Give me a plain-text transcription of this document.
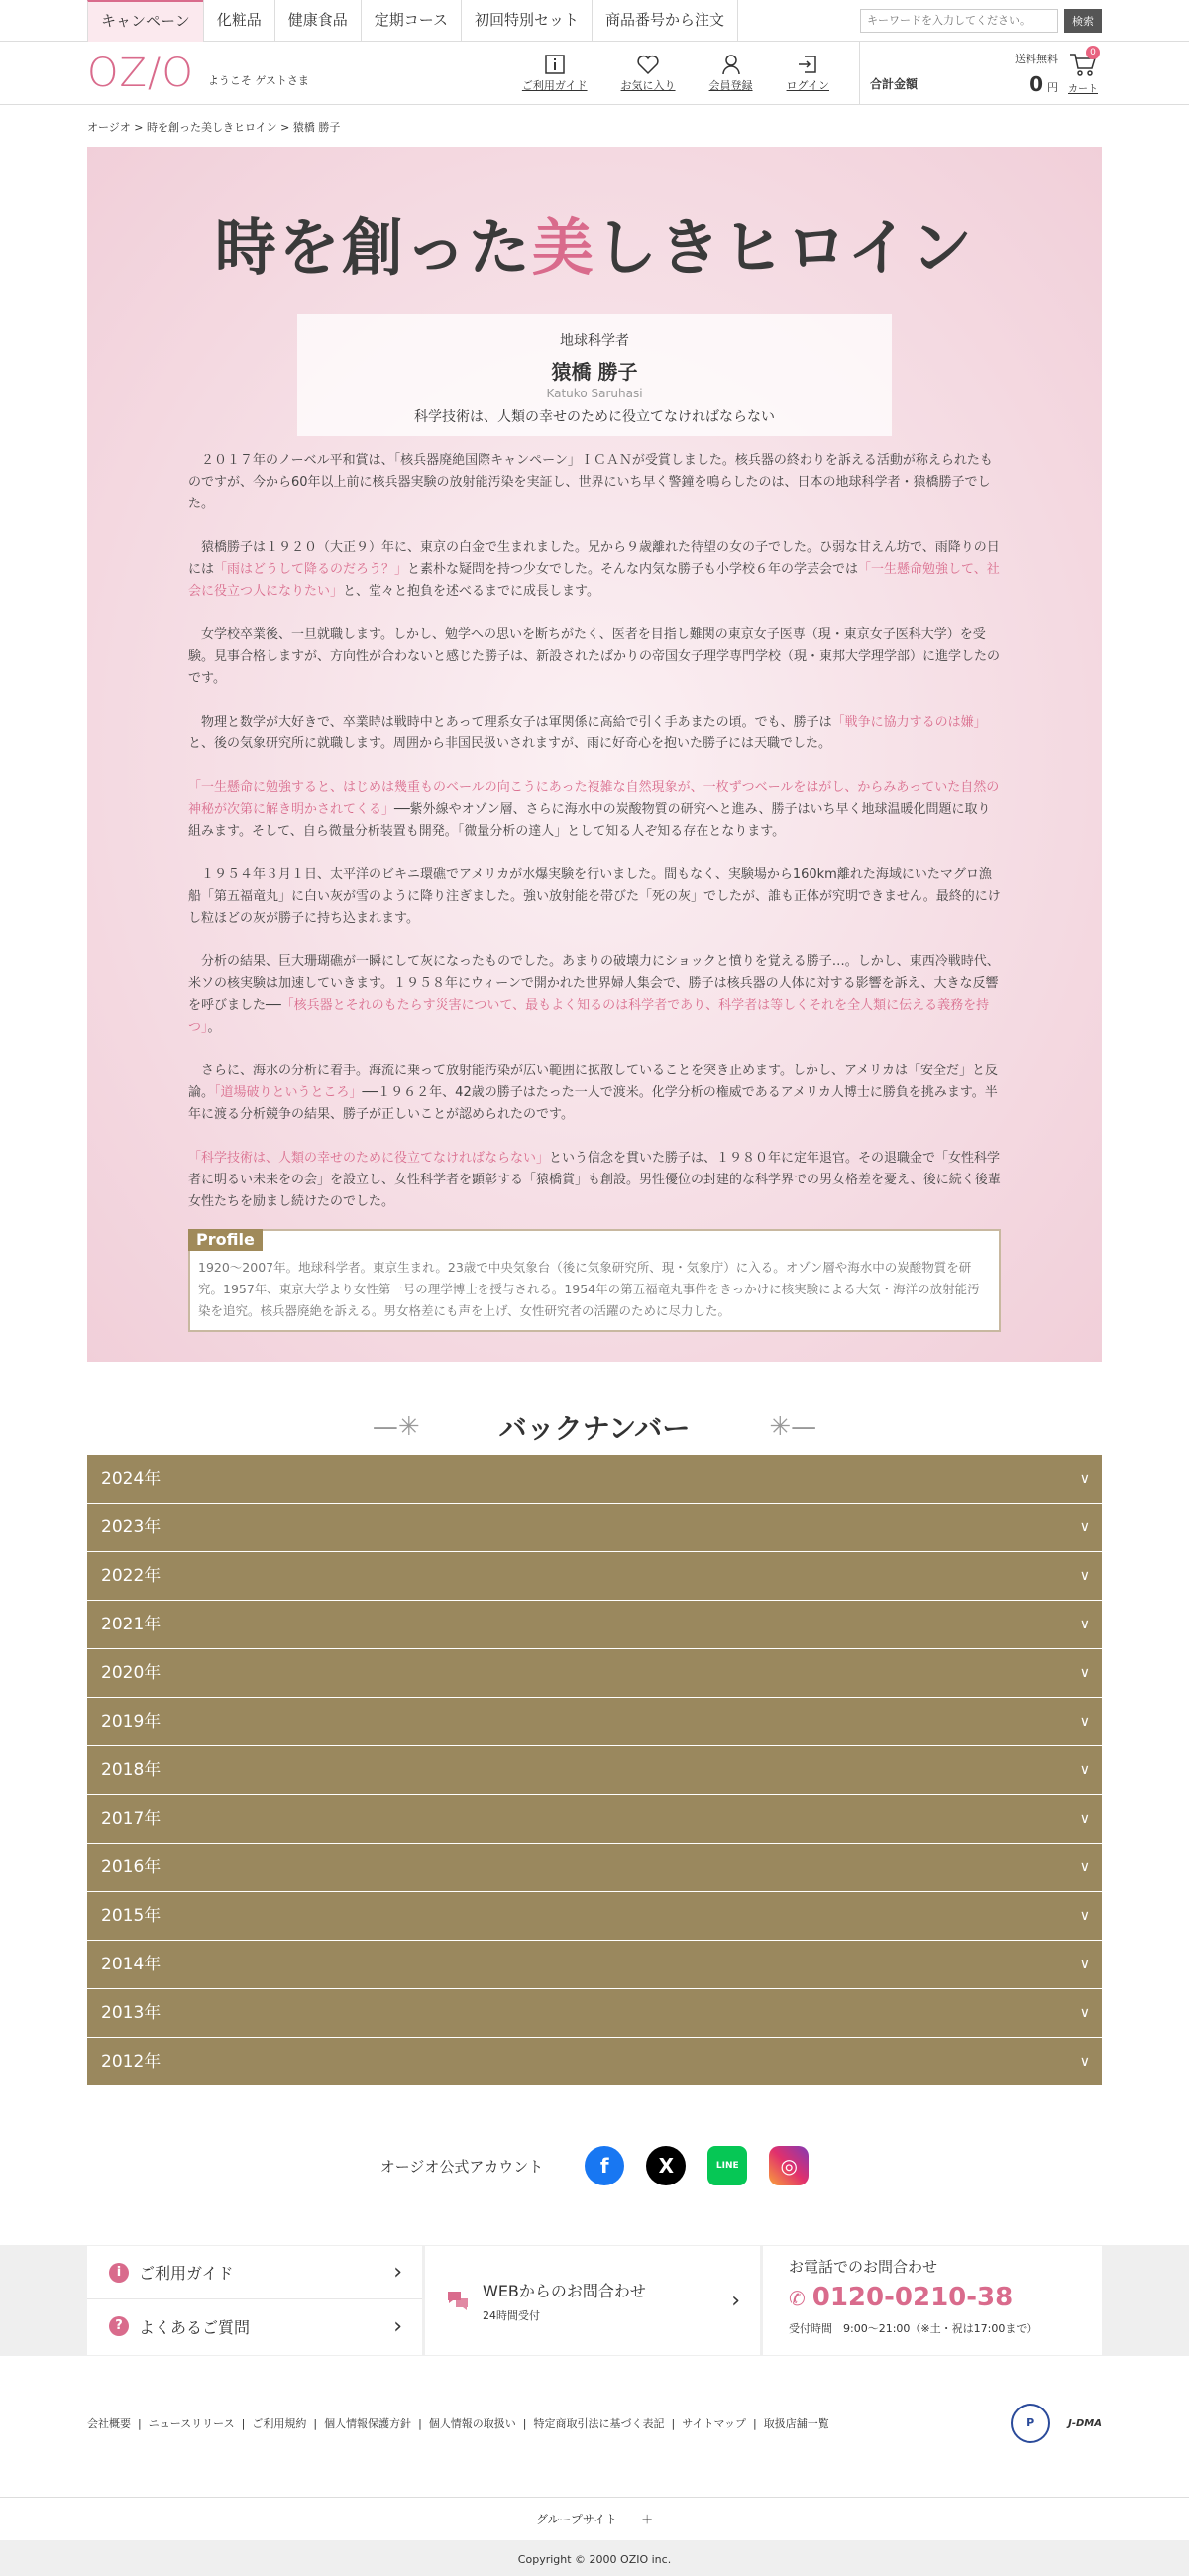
キャンペーン	化粧品	健康食品	定期コース	初回特別セット	商品番号から注文
キーワードを入力してください。	検索
OZ/O ようこそ ゲストさま	ご利用ガイド	お気に入り	会員登録	ログイン	合計金額
送料無料
0 円
0
カート
オージオ > 時を創った美しきヒロイン > 猿橋 勝子
時を創った美しきヒロイン
地球科学者
猿橋 勝子
Katuko Saruhasi
科学技術は、人類の幸せのために役立てなければならない

　２０１７年のノーベル平和賞は、「核兵器廃絶国際キャンペーン」ＩＣＡＮが受賞しました。核兵器の終わりを訴える活動が称えられたものですが、今から60年以上前に核兵器実験の放射能汚染を実証し、世界にいち早く警鐘を鳴らしたのは、日本の地球科学者・猿橋勝子でした。

　猿橋勝子は１９２０（大正９）年に、東京の白金で生まれました。兄から９歳離れた待望の女の子でした。ひ弱な甘えん坊で、雨降りの日には「雨はどうして降るのだろう？」と素朴な疑問を持つ少女でした。そんな内気な勝子も小学校６年の学芸会では「一生懸命勉強して、社会に役立つ人になりたい」と、堂々と抱負を述べるまでに成長します。

　女学校卒業後、一旦就職します。しかし、勉学への思いを断ちがたく、医者を目指し難関の東京女子医専（現・東京女子医科大学）を受験。見事合格しますが、方向性が合わないと感じた勝子は、新設されたばかりの帝国女子理学専門学校（現・東邦大学理学部）に進学したのです。

　物理と数学が大好きで、卒業時は戦時中とあって理系女子は軍関係に高給で引く手あまたの頃。でも、勝子は「戦争に協力するのは嫌」と、後の気象研究所に就職します。周囲から非国民扱いされますが、雨に好奇心を抱いた勝子には天職でした。

「一生懸命に勉強すると、はじめは幾重ものベールの向こうにあった複雑な自然現象が、一枚ずつベールをはがし、からみあっていた自然の神秘が次第に解き明かされてくる」──紫外線やオゾン層、さらに海水中の炭酸物質の研究へと進み、勝子はいち早く地球温暖化問題に取り組みます。そして、自ら微量分析装置も開発。「微量分析の達人」として知る人ぞ知る存在となります。

　１９５４年３月１日、太平洋のビキニ環礁でアメリカが水爆実験を行いました。間もなく、実験場から160km離れた海域にいたマグロ漁船「第五福竜丸」に白い灰が雪のように降り注ぎました。強い放射能を帯びた「死の灰」でしたが、誰も正体が究明できません。最終的にけし粒ほどの灰が勝子に持ち込まれます。

　分析の結果、巨大珊瑚礁が一瞬にして灰になったものでした。あまりの破壊力にショックと憤りを覚える勝子…。しかし、東西冷戦時代、米ソの核実験は加速していきます。１９５８年にウィーンで開かれた世界婦人集会で、勝子は核兵器の人体に対する影響を訴え、大きな反響を呼びました──「核兵器とそれのもたらす災害について、最もよく知るのは科学者であり、科学者は等しくそれを全人類に伝える義務を持つ」。

　さらに、海水の分析に着手。海流に乗って放射能汚染が広い範囲に拡散していることを突き止めます。しかし、アメリカは「安全だ」と反論。「道場破りというところ」──１９６２年、42歳の勝子はたった一人で渡米。化学分析の権威であるアメリカ人博士に勝負を挑みます。半年に渡る分析競争の結果、勝子が正しいことが認められたのです。

「科学技術は、人類の幸せのために役立てなければならない」という信念を貫いた勝子は、１９８０年に定年退官。その退職金で「女性科学者に明るい未来をの会」を設立し、女性科学者を顕彰する「猿橋賞」も創設。男性優位の封建的な科学界での男女格差を憂え、後に続く後輩女性たちを励まし続けたのでした。

Profile
1920〜2007年。地球科学者。東京生まれ。23歳で中央気象台（後に気象研究所、現・気象庁）に入る。オゾン層や海水中の炭酸物質を研究。1957年、東京大学より女性第一号の理学博士を授与される。1954年の第五福竜丸事件をきっかけに核実験による大気・海洋の放射能汚染を追究。核兵器廃絶を訴える。男女格差にも声を上げ、女性研究者の活躍のために尽力した。
—✳	バックナンバー	✳—
2024年	∨
2023年	∨
2022年	∨
2021年	∨
2020年	∨
2019年	∨
2018年	∨
2017年	∨
2016年	∨
2015年	∨
2014年	∨
2013年	∨
2012年	∨
オージオ公式アカウント	f	X	LINE	◎
i	ご利用ガイド	›
?	よくあるご質問	›
WEBからのお問合わせ
24時間受付
›
お電話でのお問合わせ
✆ 0120-0210-38
受付時間　9:00〜21:00（※土・祝は17:00まで）
会社概要 | ニュースリリース | ご利用規約 | 個人情報保護方針 | 個人情報の取扱い | 特定商取引法に基づく表記 | サイトマップ | 取扱店舗一覧	P	J-DMA
グループサイト　　＋
Copyright © 2000 OZIO inc.
